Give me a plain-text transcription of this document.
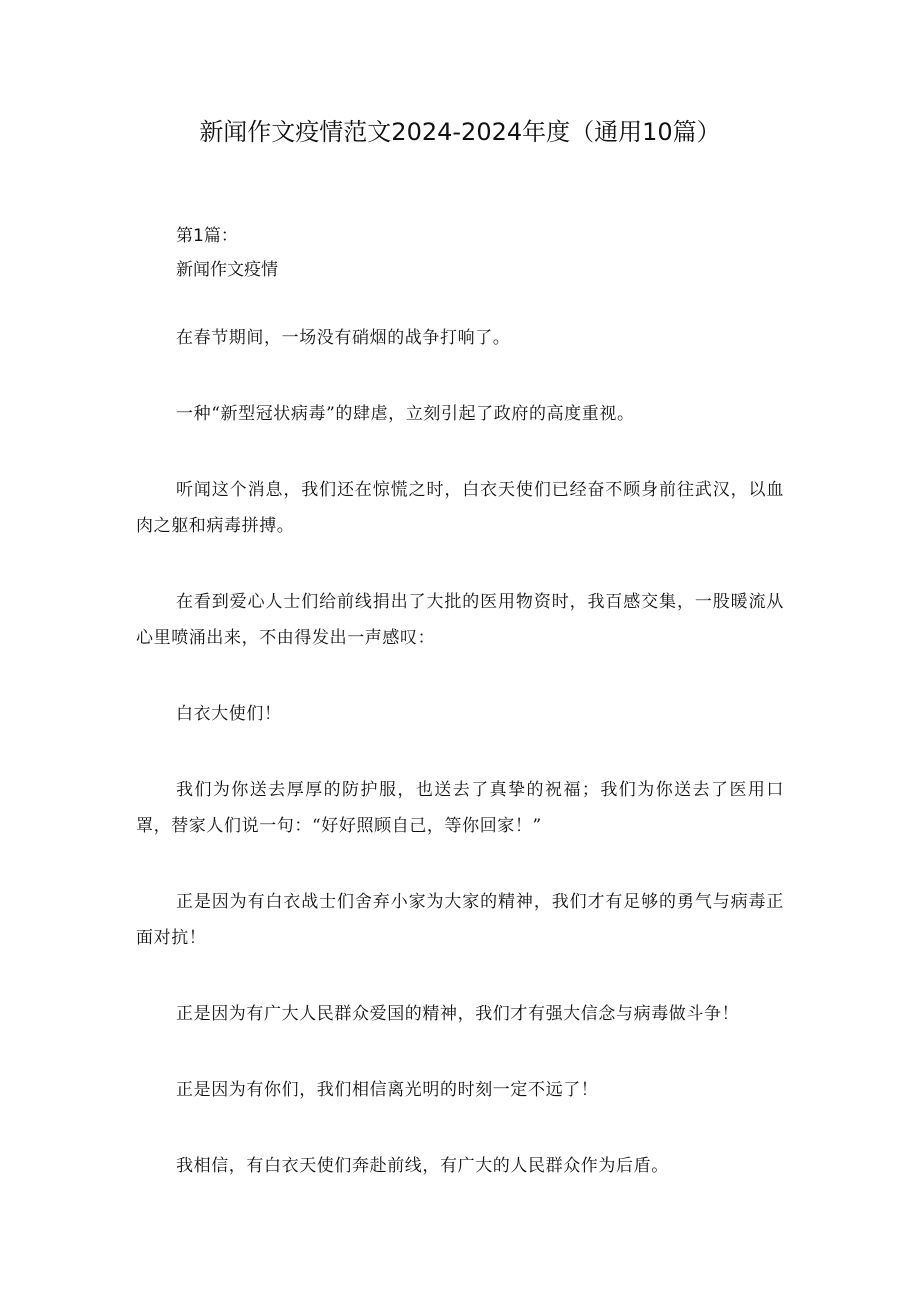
新闻作文疫情范文2024-2024年度（通用10篇）
第1篇：
新闻作文疫情

在春节期间，一场没有硝烟的战争打响了。

一种“新型冠状病毒”的肆虐，立刻引起了政府的高度重视。

听闻这个消息，我们还在惊慌之时，白衣天使们已经奋不顾身前往武汉，以血肉之躯和病毒拼搏。

在看到爱心人士们给前线捐出了大批的医用物资时，我百感交集，一股暖流从心里喷涌出来，不由得发出一声感叹：

白衣大使们！

我们为你送去厚厚的防护服，也送去了真挚的祝福；我们为你送去了医用口罩，替家人们说一句：“好好照顾自己，等你回家！”

正是因为有白衣战士们舍弃小家为大家的精神，我们才有足够的勇气与病毒正面对抗！

正是因为有广大人民群众爱国的精神，我们才有强大信念与病毒做斗争！

正是因为有你们，我们相信离光明的时刻一定不远了！

我相信，有白衣天使们奔赴前线，有广大的人民群众作为后盾。
